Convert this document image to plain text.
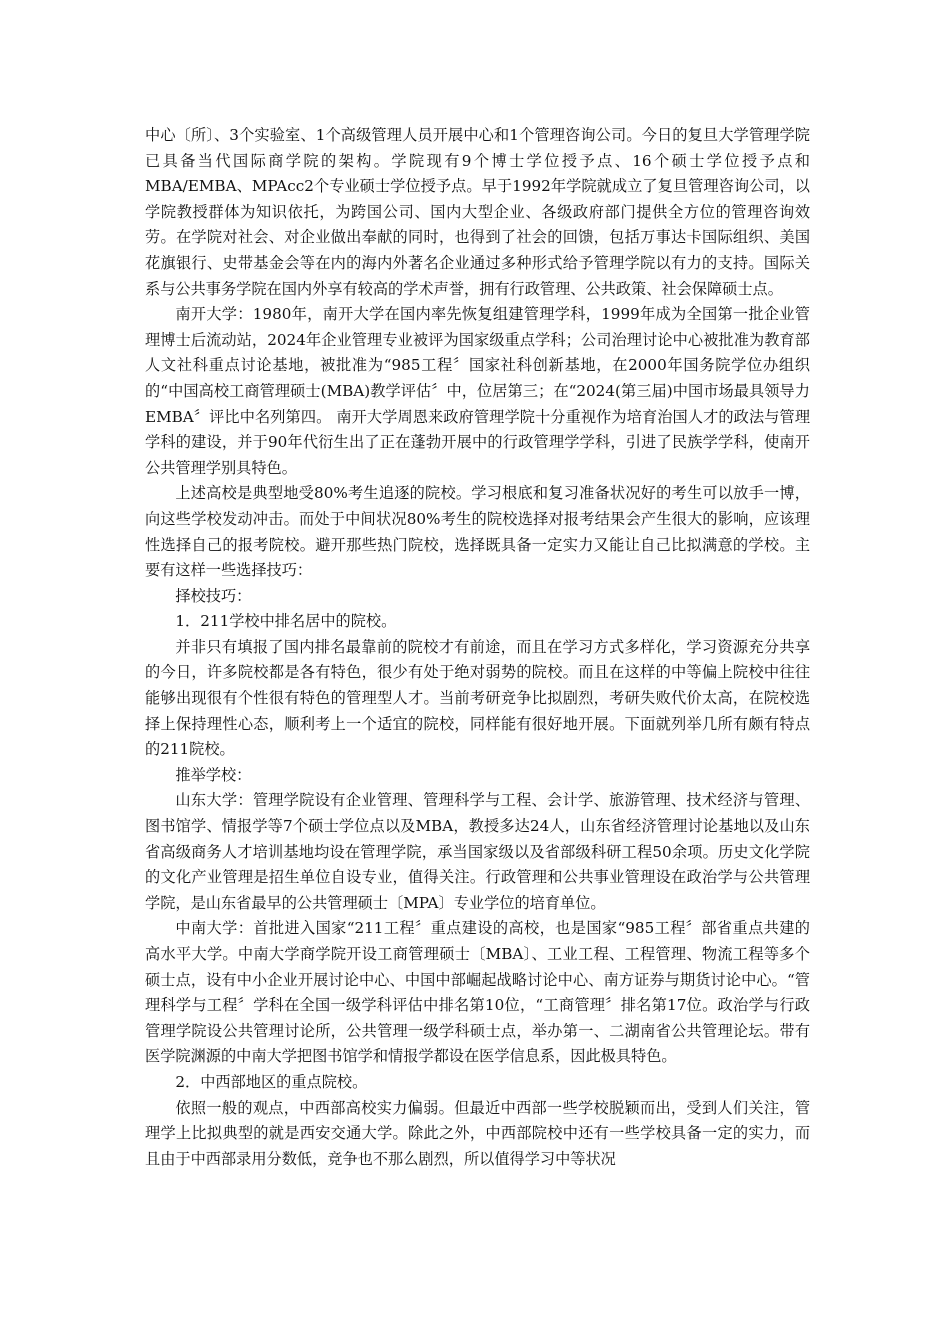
中心〔所〕、3个实验室、1个高级管理人员开展中心和1个管理咨询公司。今日的复旦大学管理学院已具备当代国际商学院的架构。学院现有9个博士学位授予点、16个硕士学位授予点和MBA/EMBA、MPAcc2个专业硕士学位授予点。早于1992年学院就成立了复旦管理咨询公司，以学院教授群体为知识依托，为跨国公司、国内大型企业、各级政府部门提供全方位的管理咨询效劳。在学院对社会、对企业做出奉献的同时，也得到了社会的回馈，包括万事达卡国际组织、美国花旗银行、史带基金会等在内的海内外著名企业通过多种形式给予管理学院以有力的支持。国际关系与公共事务学院在国内外享有较高的学术声誉，拥有行政管理、公共政策、社会保障硕士点。

南开大学：1980年，南开大学在国内率先恢复组建管理学科，1999年成为全国第一批企业管理博士后流动站，2024年企业管理专业被评为国家级重点学科；公司治理讨论中心被批准为教育部人文社科重点讨论基地，被批准为“985工程〞国家社科创新基地，在2000年国务院学位办组织的“中国高校工商管理硕士(MBA)教学评估〞中，位居第三；在“2024(第三届)中国市场最具领导力EMBA〞评比中名列第四。 南开大学周恩来政府管理学院十分重视作为培育治国人才的政法与管理学科的建设，并于90年代衍生出了正在蓬勃开展中的行政管理学学科，引进了民族学学科，使南开公共管理学别具特色。

上述高校是典型地受80%考生追逐的院校。学习根底和复习准备状况好的考生可以放手一博，向这些学校发动冲击。而处于中间状况80%考生的院校选择对报考结果会产生很大的影响，应该理性选择自己的报考院校。避开那些热门院校，选择既具备一定实力又能让自己比拟满意的学校。主要有这样一些选择技巧：

择校技巧：

1．211学校中排名居中的院校。

并非只有填报了国内排名最靠前的院校才有前途，而且在学习方式多样化，学习资源充分共享的今日，许多院校都是各有特色，很少有处于绝对弱势的院校。而且在这样的中等偏上院校中往往能够出现很有个性很有特色的管理型人才。当前考研竞争比拟剧烈，考研失败代价太高，在院校选择上保持理性心态，顺利考上一个适宜的院校，同样能有很好地开展。下面就列举几所有颇有特点的211院校。

推举学校：

山东大学：管理学院设有企业管理、管理科学与工程、会计学、旅游管理、技术经济与管理、图书馆学、情报学等7个硕士学位点以及MBA，教授多达24人，山东省经济管理讨论基地以及山东省高级商务人才培训基地均设在管理学院，承当国家级以及省部级科研工程50余项。历史文化学院的文化产业管理是招生单位自设专业，值得关注。行政管理和公共事业管理设在政治学与公共管理学院，是山东省最早的公共管理硕士〔MPA〕专业学位的培育单位。

中南大学：首批进入国家“211工程〞重点建设的高校，也是国家“985工程〞部省重点共建的高水平大学。中南大学商学院开设工商管理硕士〔MBA〕、工业工程、工程管理、物流工程等多个硕士点，设有中小企业开展讨论中心、中国中部崛起战略讨论中心、南方证券与期货讨论中心。“管理科学与工程〞学科在全国一级学科评估中排名第10位，“工商管理〞排名第17位。政治学与行政管理学院设公共管理讨论所，公共管理一级学科硕士点，举办第一、二湖南省公共管理论坛。带有医学院渊源的中南大学把图书馆学和情报学都设在医学信息系，因此极具特色。

2．中西部地区的重点院校。

依照一般的观点，中西部高校实力偏弱。但最近中西部一些学校脱颖而出，受到人们关注，管理学上比拟典型的就是西安交通大学。除此之外，中西部院校中还有一些学校具备一定的实力，而且由于中西部录用分数低，竞争也不那么剧烈，所以值得学习中等状况
